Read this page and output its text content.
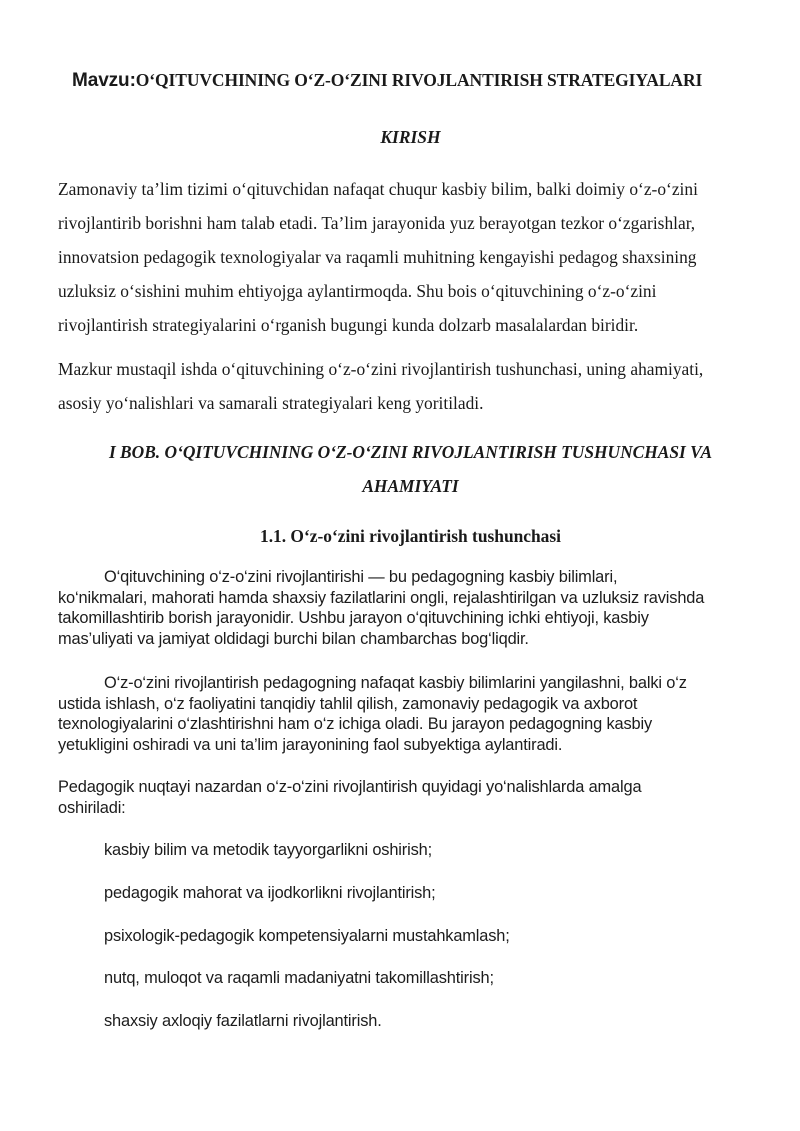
Mavzu:O‘QITUVCHINING O‘Z-O‘ZINI RIVOJLANTIRISH STRATEGIYALARI
KIRISH
Zamonaviy ta’lim tizimi o‘qituvchidan nafaqat chuqur kasbiy bilim, balki doimiy o‘z-o‘zini
rivojlantirib borishni ham talab etadi. Ta’lim jarayonida yuz berayotgan tezkor o‘zgarishlar,
innovatsion pedagogik texnologiyalar va raqamli muhitning kengayishi pedagog shaxsining
uzluksiz o‘sishini muhim ehtiyojga aylantirmoqda. Shu bois o‘qituvchining o‘z-o‘zini
rivojlantirish strategiyalarini o‘rganish bugungi kunda dolzarb masalalardan biridir.
Mazkur mustaqil ishda o‘qituvchining o‘z-o‘zini rivojlantirish tushunchasi, uning ahamiyati,
asosiy yo‘nalishlari va samarali strategiyalari keng yoritiladi.
I BOB. O‘QITUVCHINING O‘Z-O‘ZINI RIVOJLANTIRISH TUSHUNCHASI VA
AHAMIYATI
1.1. O‘z-o‘zini rivojlantirish tushunchasi
O‘qituvchining o‘z-o‘zini rivojlantirishi — bu pedagogning kasbiy bilimlari,
ko‘nikmalari, mahorati hamda shaxsiy fazilatlarini ongli, rejalashtirilgan va uzluksiz ravishda
takomillashtirib borish jarayonidir. Ushbu jarayon o‘qituvchining ichki ehtiyoji, kasbiy
mas’uliyati va jamiyat oldidagi burchi bilan chambarchas bog‘liqdir.
O‘z-o‘zini rivojlantirish pedagogning nafaqat kasbiy bilimlarini yangilashni, balki o‘z
ustida ishlash, o‘z faoliyatini tanqidiy tahlil qilish, zamonaviy pedagogik va axborot
texnologiyalarini o‘zlashtirishni ham o‘z ichiga oladi. Bu jarayon pedagogning kasbiy
yetukligini oshiradi va uni ta’lim jarayonining faol subyektiga aylantiradi.
Pedagogik nuqtayi nazardan o‘z-o‘zini rivojlantirish quyidagi yo‘nalishlarda amalga
oshiriladi:
kasbiy bilim va metodik tayyorgarlikni oshirish;
pedagogik mahorat va ijodkorlikni rivojlantirish;
psixologik-pedagogik kompetensiyalarni mustahkamlash;
nutq, muloqot va raqamli madaniyatni takomillashtirish;
shaxsiy axloqiy fazilatlarni rivojlantirish.
